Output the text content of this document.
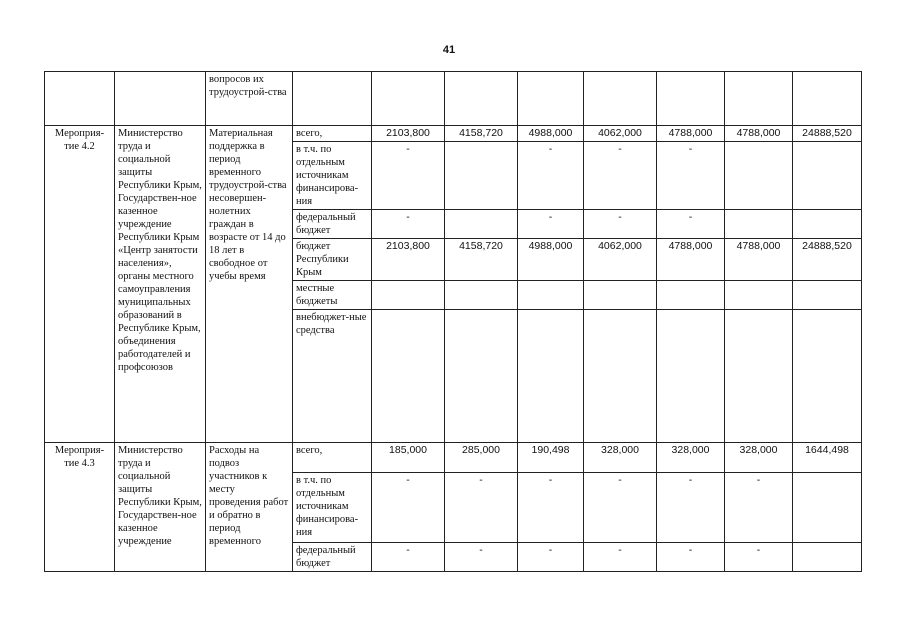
41
		вопросов их трудоустрой-ства								
Мероприя-тие 4.2	Министерство труда и социальной защиты Республики Крым, Государствен-ное казенное учреждение Республики Крым «Центр занятости населения», органы местного самоуправления муниципальных образований в Республике Крым, объединения работодателей и профсоюзов	Материальная поддержка в период временного трудоустрой-ства несовершен-нолетних граждан в возрасте от 14 до 18 лет в свободное от учебы время	всего,	2103,800	4158,720	4988,000	4062,000	4788,000	4788,000	24888,520
			в т.ч. по отдельным источникам финансирова-ния	-		-	-	-		
			федеральный бюджет	-		-	-	-		
			бюджет Республики Крым	2103,800	4158,720	4988,000	4062,000	4788,000	4788,000	24888,520
			местные бюджеты							
			внебюджет-ные средства							
Мероприя-тие 4.3	Министерство труда и социальной защиты Республики Крым, Государствен-ное казенное учреждение	Расходы на подвоз участников к месту проведения работ и обратно в период временного	всего,	185,000	285,000	190,498	328,000	328,000	328,000	1644,498
			в т.ч. по отдельным источникам финансирова-ния	-	-	-	-	-	-	
			федеральный бюджет	-	-	-	-	-	-	
